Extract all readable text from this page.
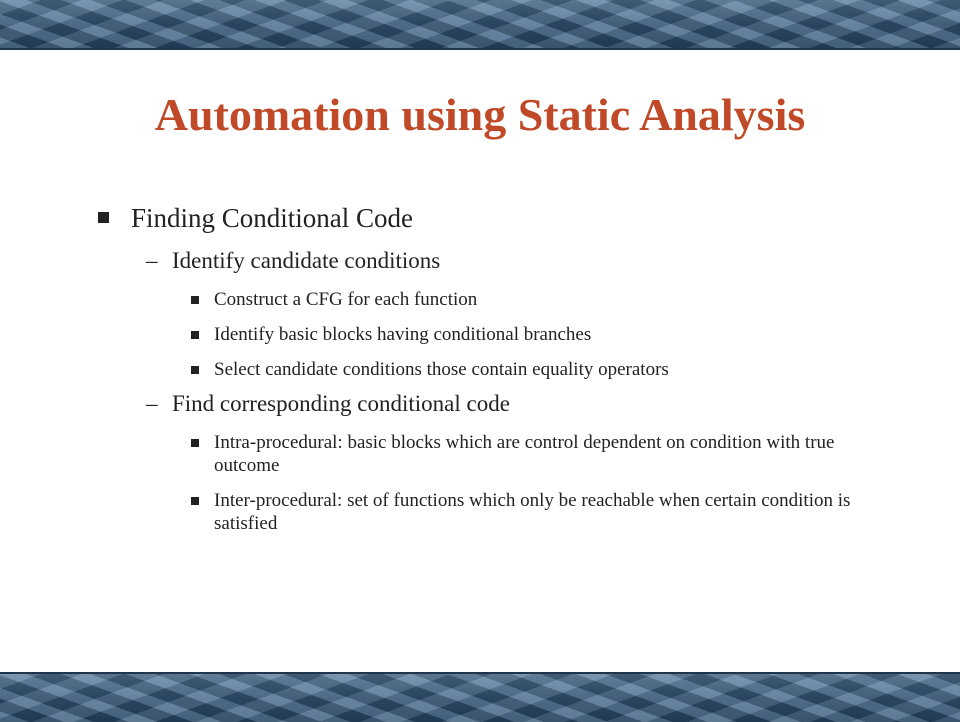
Automation using Static Analysis
Finding Conditional Code
– Identify candidate conditions
Construct a CFG for each function
Identify basic blocks having conditional branches
Select candidate conditions those contain equality operators
– Find corresponding conditional code
Intra-procedural: basic blocks which are control dependent on condition with true outcome
Inter-procedural: set of functions which only be reachable when certain condition is satisfied
